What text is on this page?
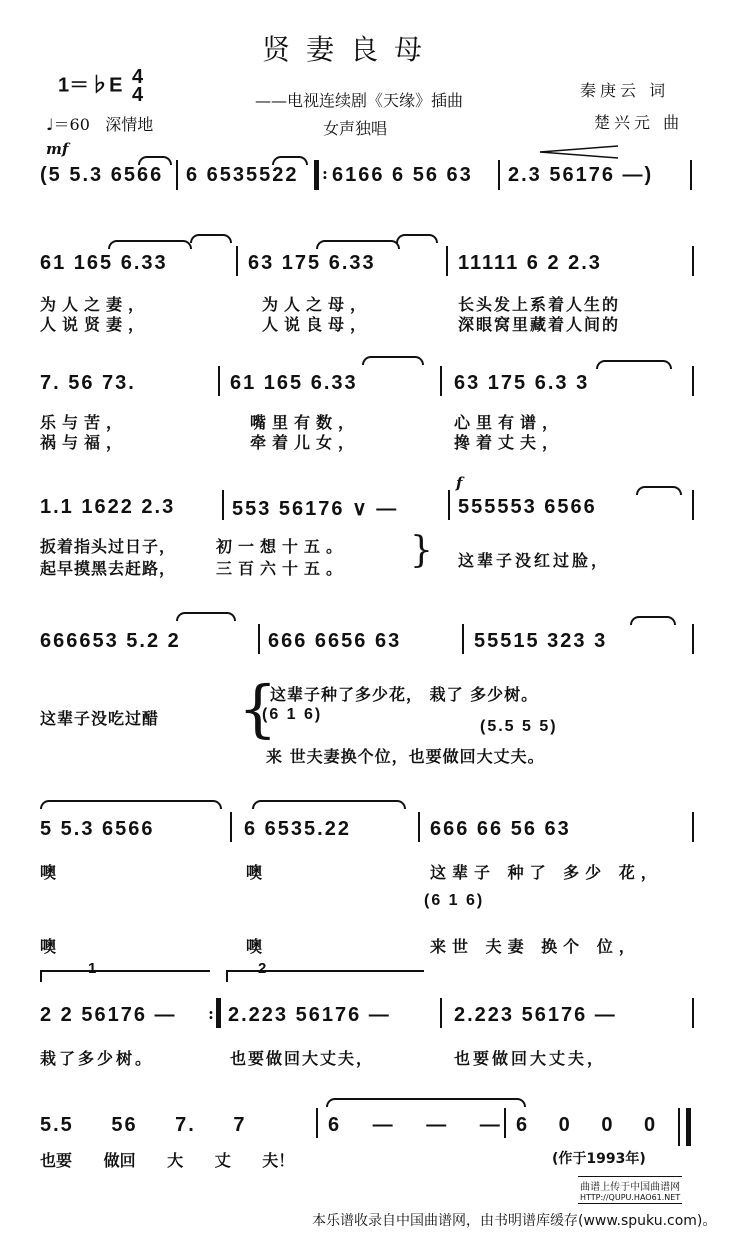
贤妻良母
1＝♭E 4
4	——电视连续剧《天缘》插曲
秦庚云 词
♩＝60 深情地	女声独唱	楚兴元 曲
mf
(5 5.3 6566 6 6535522 : 6166 6 56 63 2.3 56176 —)
61 165 6.33	63 175 6.33	11111 6 2 2.3
为人之妻，	为人之母，	长头发上系着人生的
人说贤妻，	人说良母，	深眼窝里藏着人间的
7. 56 73.	61 165 6.33	63 175 6.3 3
乐与苦，	嘴里有数，	心里有谱，
祸与福，	牵着儿女，	搀着丈夫，
f
1.1 1622 2.3	553 56176 ∨ —	555553 6566
扳着指头过日子， 初一想十五。
起早摸黑去赶路， 三百六十五。 } 这辈子没红过脸，
666653 5.2 2	666 6656 63	55515 323 3
这辈子没吃过醋 {
这辈子种了多少花， 栽了 多少树。
(6 1 6)
(5.5 5 5)
来 世夫妻换个位，也要做回大丈夫。
5 5.3 6566	6 6535.22	666 66 56 63
噢	噢	这辈子 种了 多少 花，
(6 1 6)
噢	噢	来世 夫妻 换个 位，
1	2
2 2 56176 — : 2.223 56176 —	2.223 56176 —
栽了多少树。	也要做回大丈夫，	也要做回大丈夫，
5.5 56 7. 7	6 — — — 6 0 0 0
也要 做回 大 丈 夫！	(作于1993年)
曲谱上传于中国曲谱网
HTTP://QUPU.HAO61.NET
本乐谱收录自中国曲谱网，由书明谱库缓存(www.spuku.com)。
